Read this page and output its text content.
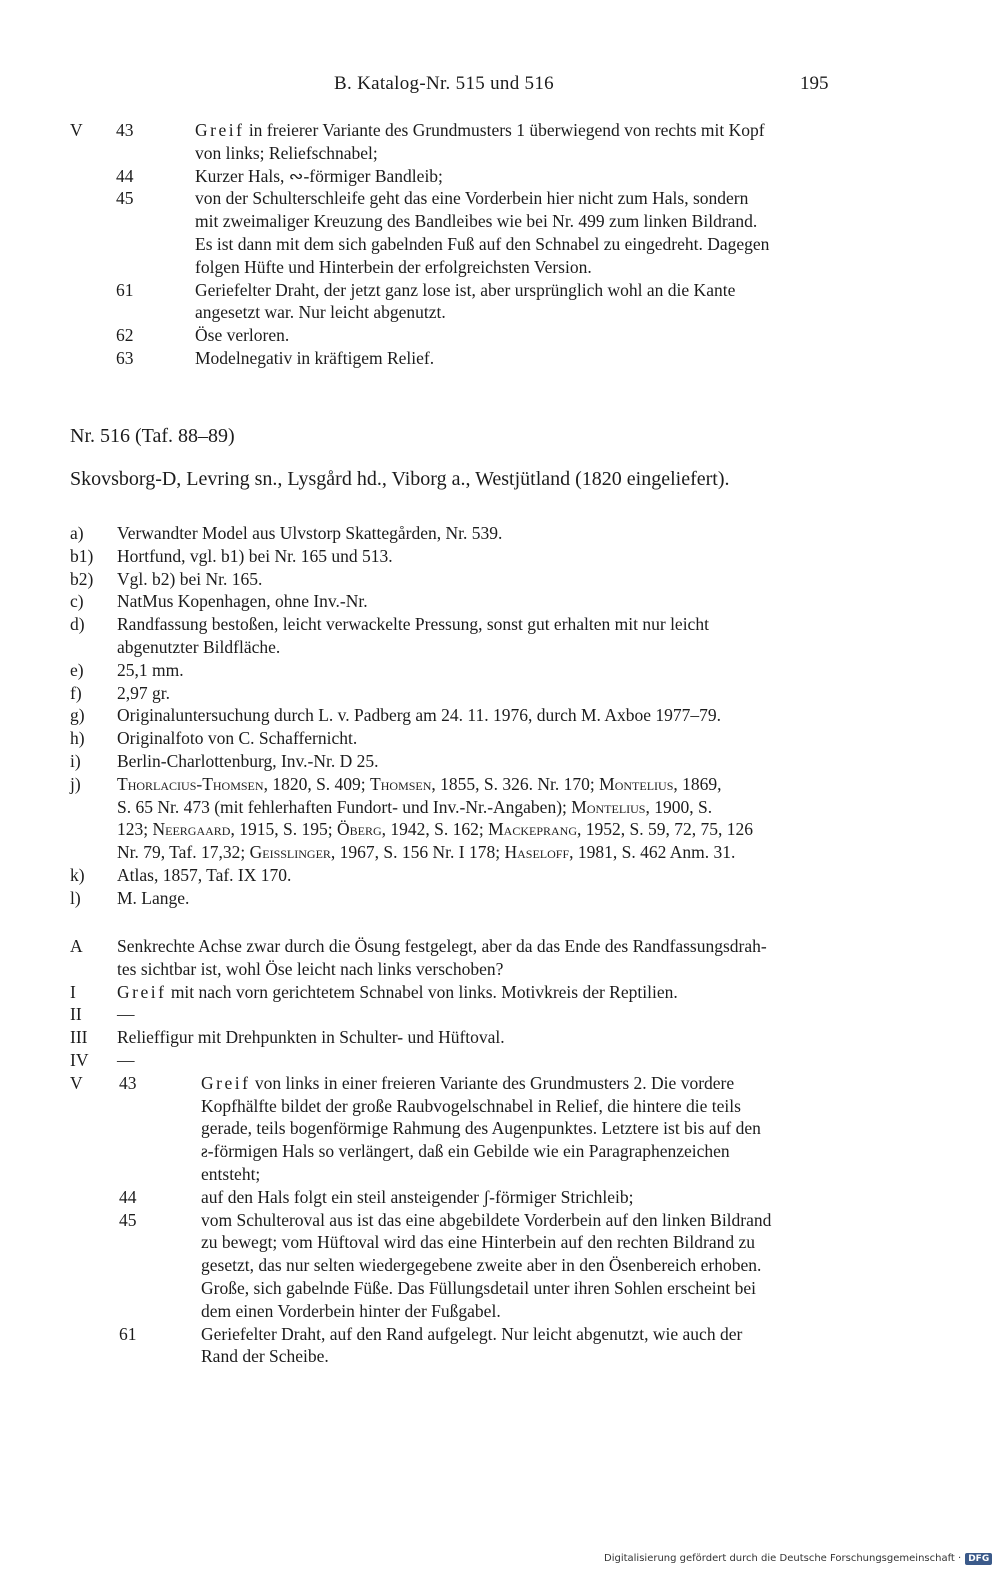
B. Katalog-Nr. 515 und 516	195
V 43	Greif in freierer Variante des Grundmusters 1 überwiegend von rechts mit Kopf
von links; Reliefschnabel;
44	Kurzer Hals, ∾-förmiger Bandleib;
45	von der Schulterschleife geht das eine Vorderbein hier nicht zum Hals, sondern
mit zweimaliger Kreuzung des Bandleibes wie bei Nr. 499 zum linken Bildrand.
Es ist dann mit dem sich gabelnden Fuß auf den Schnabel zu eingedreht. Dagegen
folgen Hüfte und Hinterbein der erfolgreichsten Version.
61	Geriefelter Draht, der jetzt ganz lose ist, aber ursprünglich wohl an die Kante
angesetzt war. Nur leicht abgenutzt.
62	Öse verloren.
63	Modelnegativ in kräftigem Relief.
Nr. 516 (Taf. 88–89)
Skovsborg-D, Levring sn., Lysgård hd., Viborg a., Westjütland (1820 eingeliefert).
a) Verwandter Model aus Ulvstorp Skattegården, Nr. 539.
b1) Hortfund, vgl. b1) bei Nr. 165 und 513.
b2) Vgl. b2) bei Nr. 165.
c) NatMus Kopenhagen, ohne Inv.-Nr.
d) Randfassung bestoßen, leicht verwackelte Pressung, sonst gut erhalten mit nur leicht
abgenutzter Bildfläche.
e) 25,1 mm.
f) 2,97 gr.
g) Originaluntersuchung durch L. v. Padberg am 24. 11. 1976, durch M. Axboe 1977–79.
h) Originalfoto von C. Schaffernicht.
i) Berlin-Charlottenburg, Inv.-Nr. D 25.
j) Thorlacius-Thomsen, 1820, S. 409; Thomsen, 1855, S. 326. Nr. 170; Montelius, 1869,
S. 65 Nr. 473 (mit fehlerhaften Fundort- und Inv.-Nr.-Angaben); Montelius, 1900, S.
123; Neergaard, 1915, S. 195; Öberg, 1942, S. 162; Mackeprang, 1952, S. 59, 72, 75, 126
Nr. 79, Taf. 17,32; Geisslinger, 1967, S. 156 Nr. I 178; Haseloff, 1981, S. 462 Anm. 31.
k) Atlas, 1857, Taf. IX 170.
l) M. Lange.
A Senkrechte Achse zwar durch die Ösung festgelegt, aber da das Ende des Randfassungsdrah-
tes sichtbar ist, wohl Öse leicht nach links verschoben?
I Greif mit nach vorn gerichtetem Schnabel von links. Motivkreis der Reptilien.
II —
III Relieffigur mit Drehpunkten in Schulter- und Hüftoval.
IV —
V 43	Greif von links in einer freieren Variante des Grundmusters 2. Die vordere
Kopfhälfte bildet der große Raubvogelschnabel in Relief, die hintere die teils
gerade, teils bogenförmige Rahmung des Augenpunktes. Letztere ist bis auf den
ƨ-förmigen Hals so verlängert, daß ein Gebilde wie ein Paragraphenzeichen
entsteht;
44	auf den Hals folgt ein steil ansteigender ʃ-förmiger Strichleib;
45	vom Schulteroval aus ist das eine abgebildete Vorderbein auf den linken Bildrand
zu bewegt; vom Hüftoval wird das eine Hinterbein auf den rechten Bildrand zu
gesetzt, das nur selten wiedergegebene zweite aber in den Ösenbereich erhoben.
Große, sich gabelnde Füße. Das Füllungsdetail unter ihren Sohlen erscheint bei
dem einen Vorderbein hinter der Fußgabel.
61	Geriefelter Draht, auf den Rand aufgelegt. Nur leicht abgenutzt, wie auch der
Rand der Scheibe.
Digitalisierung gefördert durch die Deutsche Forschungsgemeinschaft · DFG
